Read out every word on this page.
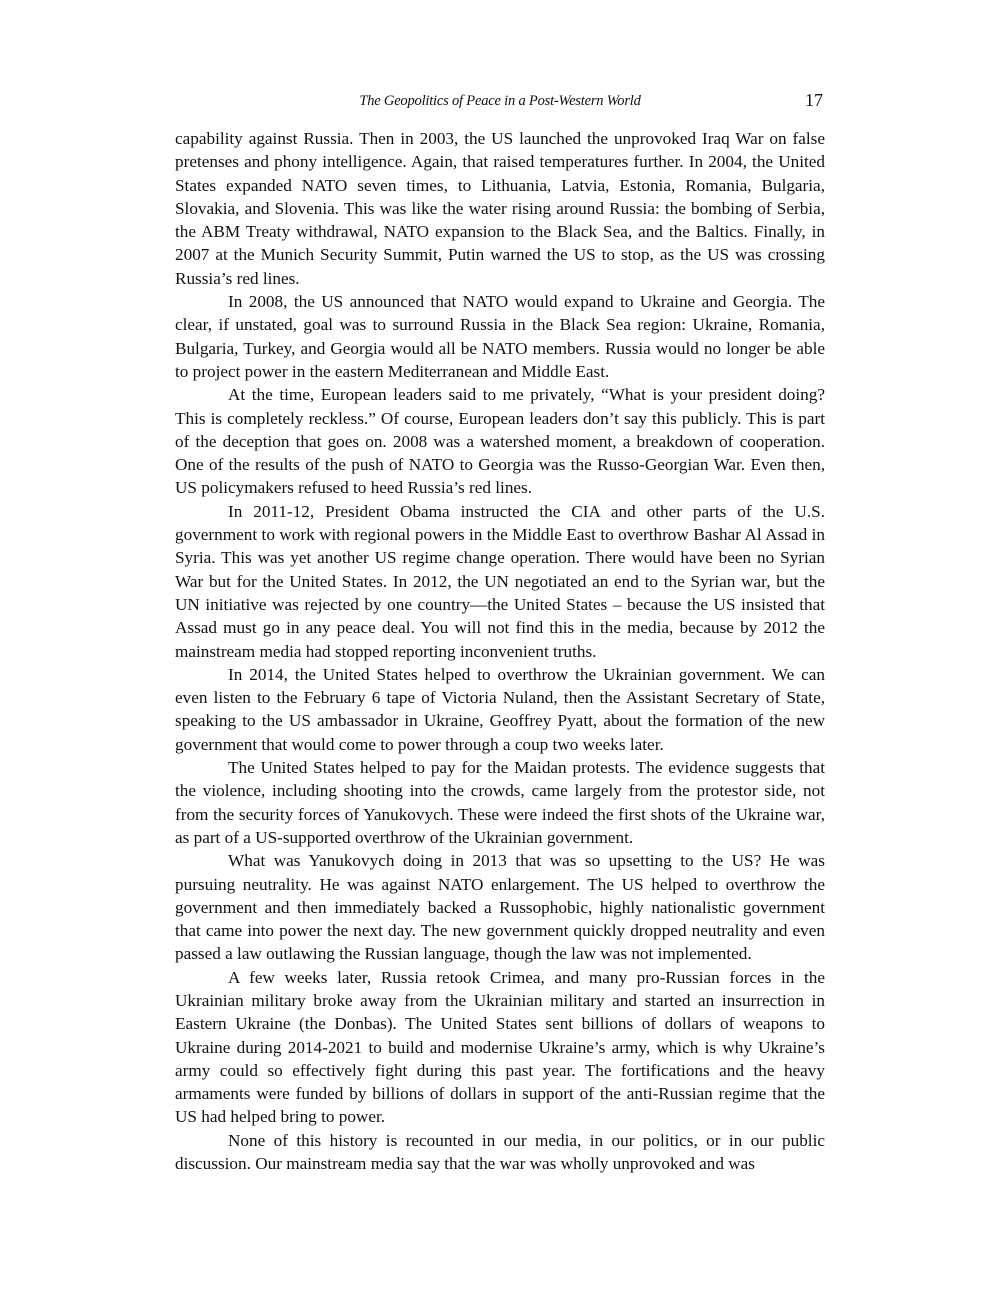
The Geopolitics of Peace in a Post-Western World	17

capability against Russia. Then in 2003, the US launched the unprovoked Iraq War on false pretenses and phony intelligence. Again, that raised temperatures further. In 2004, the United States expanded NATO seven times, to Lithuania, Latvia, Estonia, Romania, Bulgaria, Slovakia, and Slovenia. This was like the water rising around Russia: the bombing of Serbia, the ABM Treaty withdrawal, NATO expansion to the Black Sea, and the Baltics. Finally, in 2007 at the Munich Security Summit, Putin warned the US to stop, as the US was crossing Russia’s red lines.

In 2008, the US announced that NATO would expand to Ukraine and Georgia. The clear, if unstated, goal was to surround Russia in the Black Sea region: Ukraine, Romania, Bulgaria, Turkey, and Georgia would all be NATO members. Russia would no longer be able to project power in the eastern Mediterranean and Middle East.

At the time, European leaders said to me privately, “What is your president doing? This is completely reckless.” Of course, European leaders don’t say this publicly. This is part of the deception that goes on. 2008 was a watershed moment, a breakdown of cooperation. One of the results of the push of NATO to Georgia was the Russo-Georgian War. Even then, US policymakers refused to heed Russia’s red lines.

In 2011-12, President Obama instructed the CIA and other parts of the U.S. government to work with regional powers in the Middle East to overthrow Bashar Al Assad in Syria. This was yet another US regime change operation. There would have been no Syrian War but for the United States. In 2012, the UN negotiated an end to the Syrian war, but the UN initiative was rejected by one country—the United States – because the US insisted that Assad must go in any peace deal. You will not find this in the media, because by 2012 the mainstream media had stopped reporting inconvenient truths.

In 2014, the United States helped to overthrow the Ukrainian government. We can even listen to the February 6 tape of Victoria Nuland, then the Assistant Secretary of State, speaking to the US ambassador in Ukraine, Geoffrey Pyatt, about the formation of the new government that would come to power through a coup two weeks later.

The United States helped to pay for the Maidan protests. The evidence suggests that the violence, including shooting into the crowds, came largely from the protestor side, not from the security forces of Yanukovych. These were indeed the first shots of the Ukraine war, as part of a US-supported overthrow of the Ukrainian government.

What was Yanukovych doing in 2013 that was so upsetting to the US? He was pursuing neutrality. He was against NATO enlargement. The US helped to overthrow the government and then immediately backed a Russophobic, highly nationalistic government that came into power the next day. The new government quickly dropped neutrality and even passed a law outlawing the Russian language, though the law was not implemented.

A few weeks later, Russia retook Crimea, and many pro-Russian forces in the Ukrainian military broke away from the Ukrainian military and started an insurrection in Eastern Ukraine (the Donbas). The United States sent billions of dollars of weapons to Ukraine during 2014-2021 to build and modernise Ukraine’s army, which is why Ukraine’s army could so effectively fight during this past year. The fortifications and the heavy armaments were funded by billions of dollars in support of the anti-Russian regime that the US had helped bring to power.

None of this history is recounted in our media, in our politics, or in our public discussion. Our mainstream media say that the war was wholly unprovoked and was
